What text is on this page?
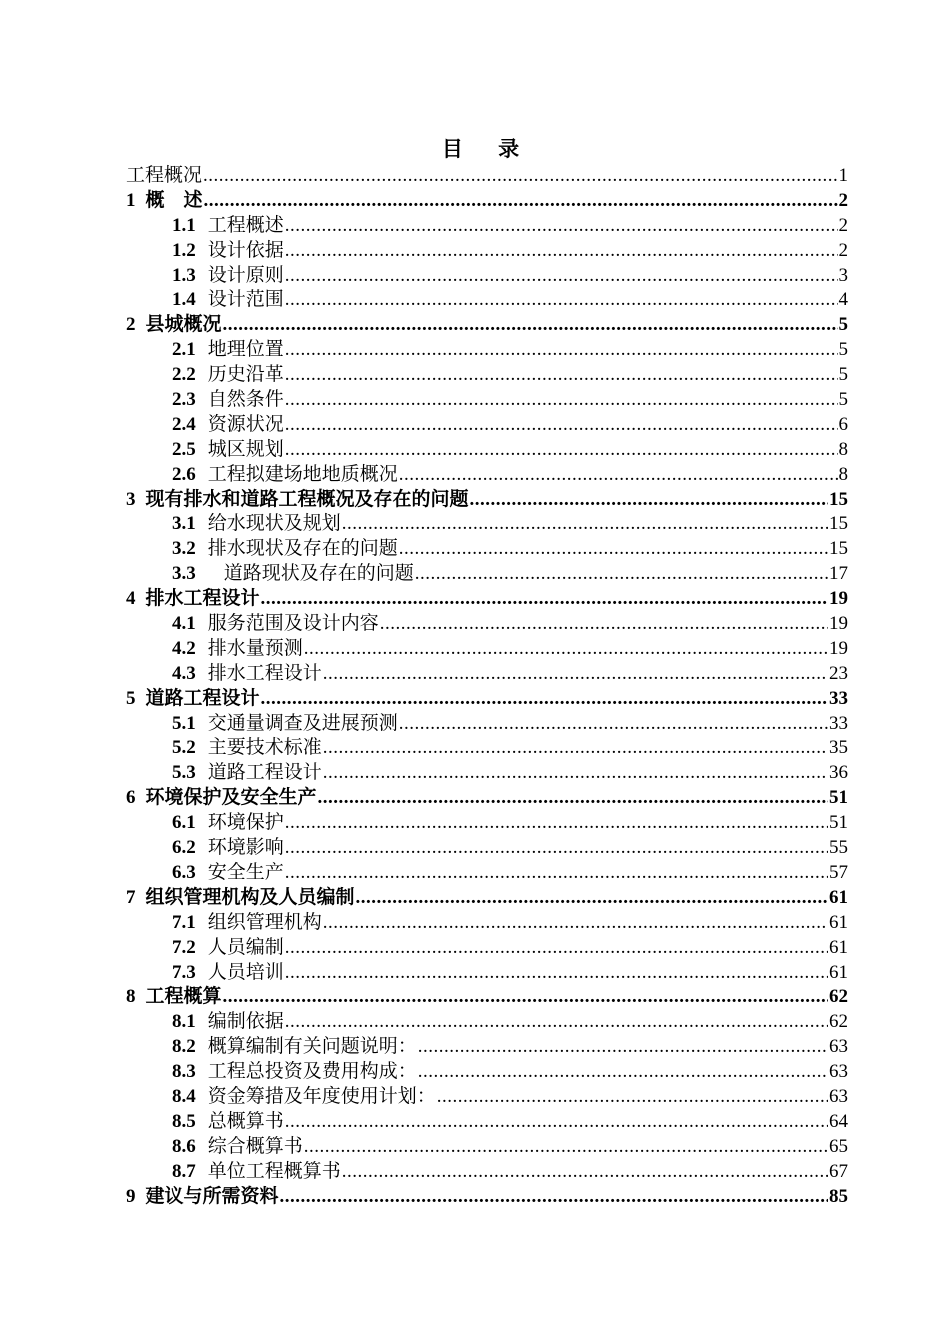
目 录
工程概况 .....	1
1 概　述 .....	2
1.1 工程概述 .....	2
1.2 设计依据 .....	2
1.3 设计原则 .....	3
1.4 设计范围 .....	4
2 县城概况 .....	5
2.1 地理位置 .....	5
2.2 历史沿革 .....	5
2.3 自然条件 .....	5
2.4 资源状况 .....	6
2.5 城区规划 .....	8
2.6 工程拟建场地地质概况 .....	8
3 现有排水和道路工程概况及存在的问题 .....	15
3.1 给水现状及规划 .....	15
3.2 排水现状及存在的问题 .....	15
3.3 道路现状及存在的问题 .....	17
4 排水工程设计 .....	19
4.1 服务范围及设计内容 .....	19
4.2 排水量预测 .....	19
4.3 排水工程设计 .....	23
5 道路工程设计 .....	33
5.1 交通量调查及进展预测 .....	33
5.2 主要技术标准 .....	35
5.3 道路工程设计 .....	36
6 环境保护及安全生产 .....	51
6.1 环境保护 .....	51
6.2 环境影响 .....	55
6.3 安全生产 .....	57
7 组织管理机构及人员编制 .....	61
7.1 组织管理机构 .....	61
7.2 人员编制 .....	61
7.3 人员培训 .....	61
8 工程概算 .....	62
8.1 编制依据 .....	62
8.2 概算编制有关问题说明： .....	63
8.3 工程总投资及费用构成： .....	63
8.4 资金筹措及年度使用计划： .....	63
8.5 总概算书 .....	64
8.6 综合概算书 .....	65
8.7 单位工程概算书 .....	67
9 建议与所需资料 .....	85
